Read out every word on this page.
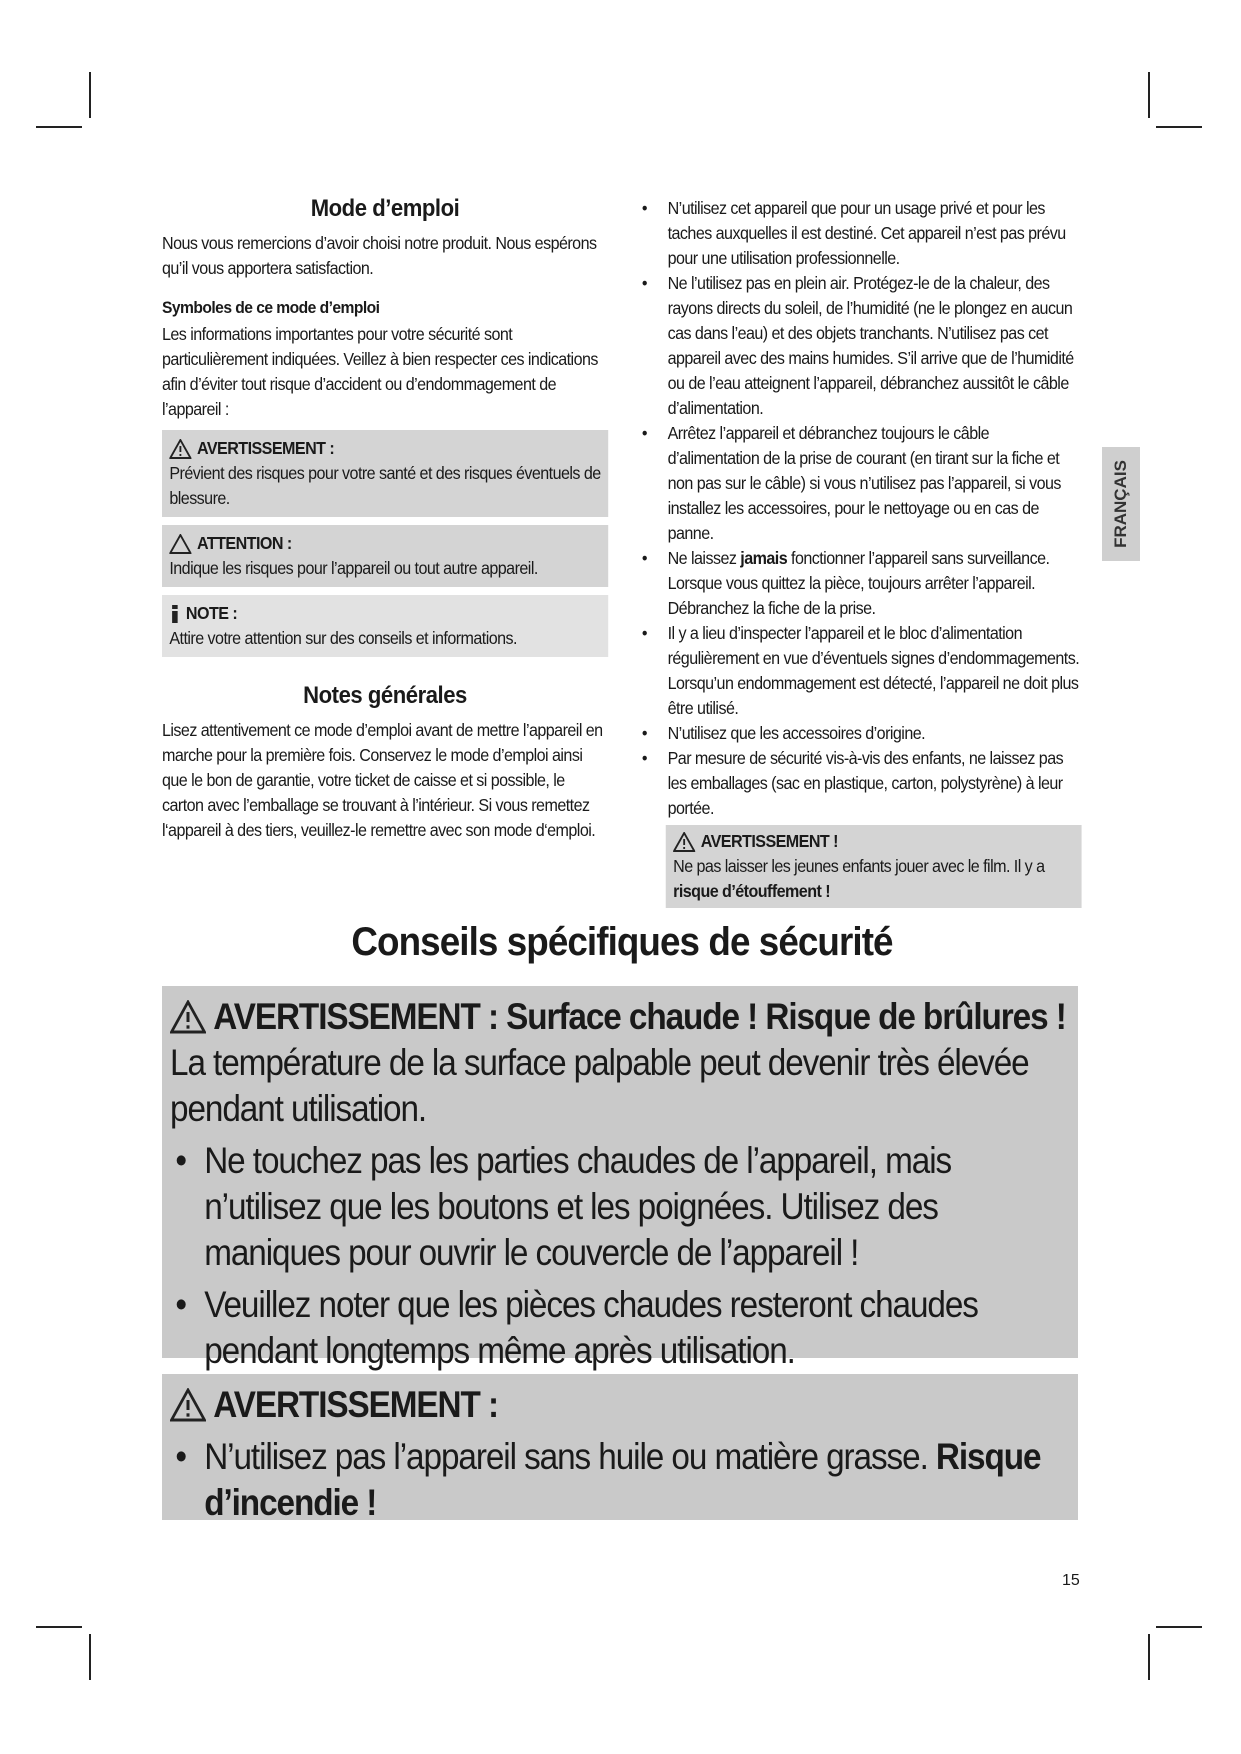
Mode d’emploi

Nous vous remercions d’avoir choisi notre produit. Nous espérons qu’il vous apportera satisfaction.

Symboles de ce mode d’emploi

Les informations importantes pour votre sécurité sont particulièrement indiquées. Veillez à bien respecter ces indications afin d’éviter tout risque d’accident ou d’endommagement de l’appareil :

AVERTISSEMENT :

Prévient des risques pour votre santé et des risques éventuels de blessure.

ATTENTION :

Indique les risques pour l’appareil ou tout autre appareil.

NOTE :

Attire votre attention sur des conseils et informations.

Notes générales

Lisez attentivement ce mode d’emploi avant de mettre l’appareil en marche pour la première fois. Conservez le mode d’emploi ainsi que le bon de garantie, votre ticket de caisse et si possible, le carton avec l’emballage se trouvant à l’intérieur. Si vous remettez l‘appareil à des tiers, veuillez-le remettre avec son mode d‘emploi.

• N’utilisez cet appareil que pour un usage privé et pour les taches auxquelles il est destiné. Cet appareil n’est pas prévu pour une utilisation professionnelle.
• Ne l’utilisez pas en plein air. Protégez-le de la chaleur, des rayons directs du soleil, de l’humidité (ne le plongez en aucun cas dans l’eau) et des objets tranchants. N’utilisez pas cet appareil avec des mains humides. S’il arrive que de l’humidité ou de l’eau atteignent l’appareil, débranchez aussitôt le câble d’alimentation.
• Arrêtez l’appareil et débranchez toujours le câble d’alimentation de la prise de courant (en tirant sur la fiche et non pas sur le câble) si vous n’utilisez pas l’appareil, si vous installez les accessoires, pour le nettoyage ou en cas de panne.
• Ne laissez jamais fonctionner l’appareil sans surveillance. Lorsque vous quittez la pièce, toujours arrêter l’appareil. Débranchez la fiche de la prise.
• Il y a lieu d’inspecter l’appareil et le bloc d’alimentation régulièrement en vue d’éventuels signes d’endommagements. Lorsqu’un endommagement est détecté, l’appareil ne doit plus être utilisé.
• N’utilisez que les accessoires d’origine.
• Par mesure de sécurité vis-à-vis des enfants, ne laissez pas les emballages (sac en plastique, carton, polystyrène) à leur portée.
AVERTISSEMENT !

Ne pas laisser les jeunes enfants jouer avec le film. Il y a risque d’étouffement !

FRANÇAIS
Conseils spécifiques de sécurité
AVERTISSEMENT : Surface chaude ! Risque de brûlures !

La température de la surface palpable peut devenir très élevée pendant utilisation.

• Ne touchez pas les parties chaudes de l’appareil, mais n’utilisez que les boutons et les poignées. Utilisez des maniques pour ouvrir le couvercle de l’appareil !
• Veuillez noter que les pièces chaudes resteront chaudes pendant longtemps même après utilisation.
AVERTISSEMENT :
• N’utilisez pas l’appareil sans huile ou matière grasse. Risque d’incendie !
15
